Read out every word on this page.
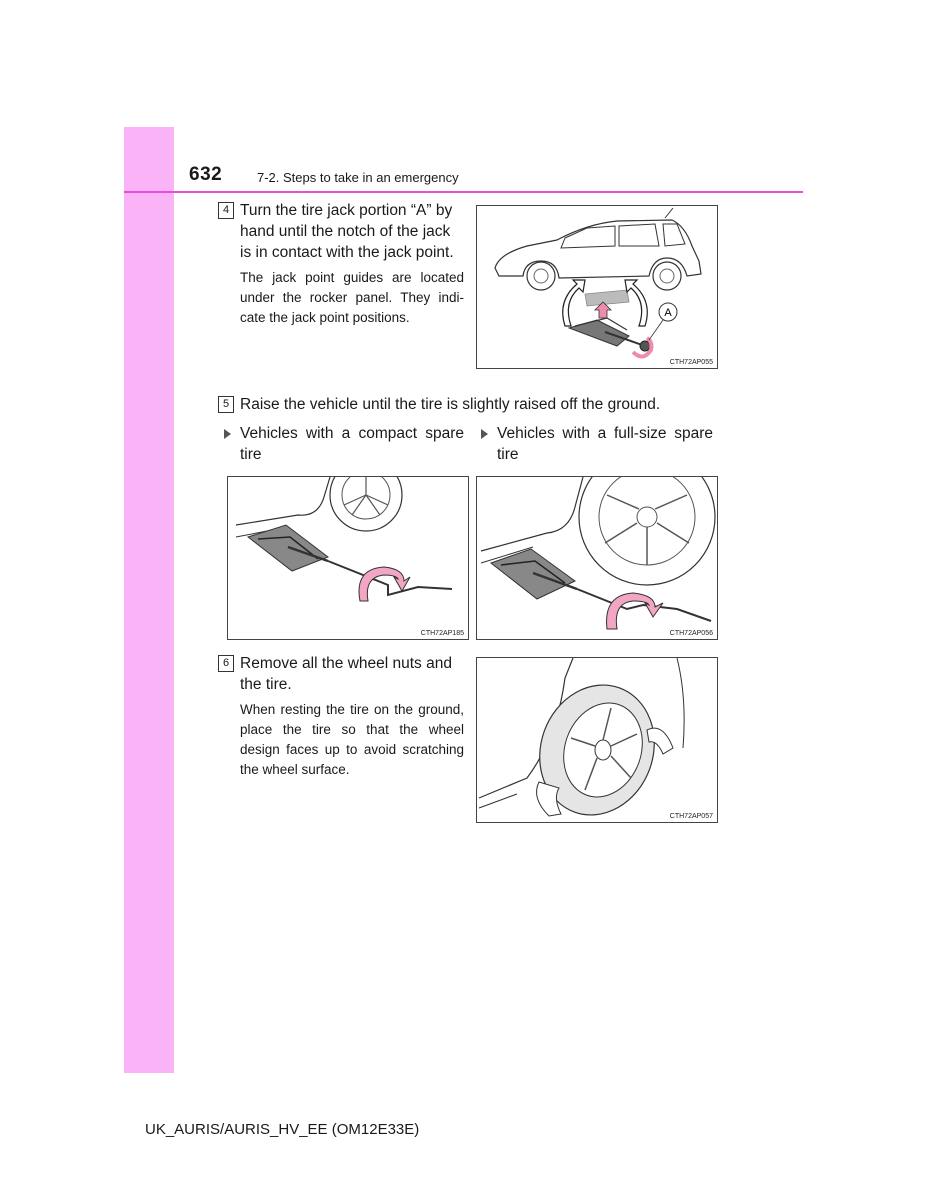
632	7-2. Steps to take in an emergency
4 Turn the tire jack portion “A” by hand until the notch of the jack is in contact with the jack point.

The jack point guides are located under the rocker panel. They indi-cate the jack point positions.	A
CTH72AP055
5 Raise the vehicle until the tire is slightly raised off the ground.

Vehicles with a compact spare tire
Vehicles with a full-size spare tire
CTH72AP185	CTH72AP056
6 Remove all the wheel nuts and the tire.

When resting the tire on the ground, place the tire so that the wheel design faces up to avoid scratching the wheel surface.

CTH72AP057
UK_AURIS/AURIS_HV_EE (OM12E33E)
